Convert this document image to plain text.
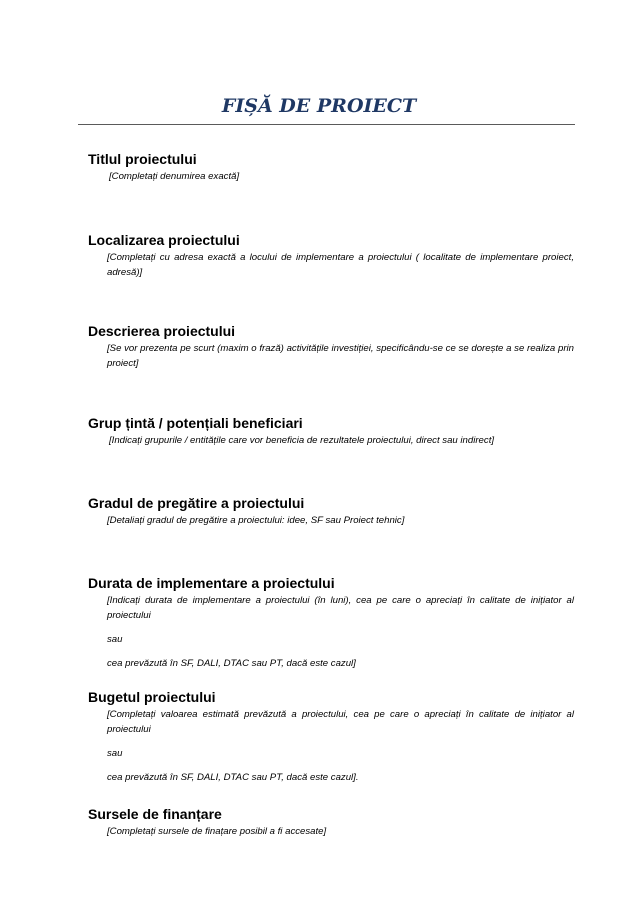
FIȘĂ DE PROIECT

Titlul proiectului

[Completați denumirea exactă]

Localizarea proiectului

[Completați cu adresa exactă a locului de implementare a proiectului ( localitate de implementare proiect, adresă)]

Descrierea proiectului

[Se vor prezenta pe scurt (maxim o frază) activitățile investiției, specificându-se ce se dorește a se realiza prin proiect]

Grup țintă / potențiali beneficiari

[Indicați grupurile / entitățile care vor beneficia de rezultatele proiectului, direct sau indirect]

Gradul de pregătire a proiectului

[Detaliați gradul de pregătire a proiectului: idee, SF sau Proiect tehnic]

Durata de implementare a proiectului

[Indicați durata de implementare a proiectului (în luni), cea pe care o apreciați în calitate de inițiator al proiectului

sau

cea prevăzută în SF, DALI, DTAC sau PT, dacă este cazul]

Bugetul proiectului

[Completați valoarea estimată prevăzută a proiectului, cea pe care o apreciați în calitate de inițiator al proiectului

sau

cea prevăzută în SF, DALI, DTAC sau PT, dacă este cazul].

Sursele de finanțare

[Completați sursele de finațare posibil a fi accesate]
